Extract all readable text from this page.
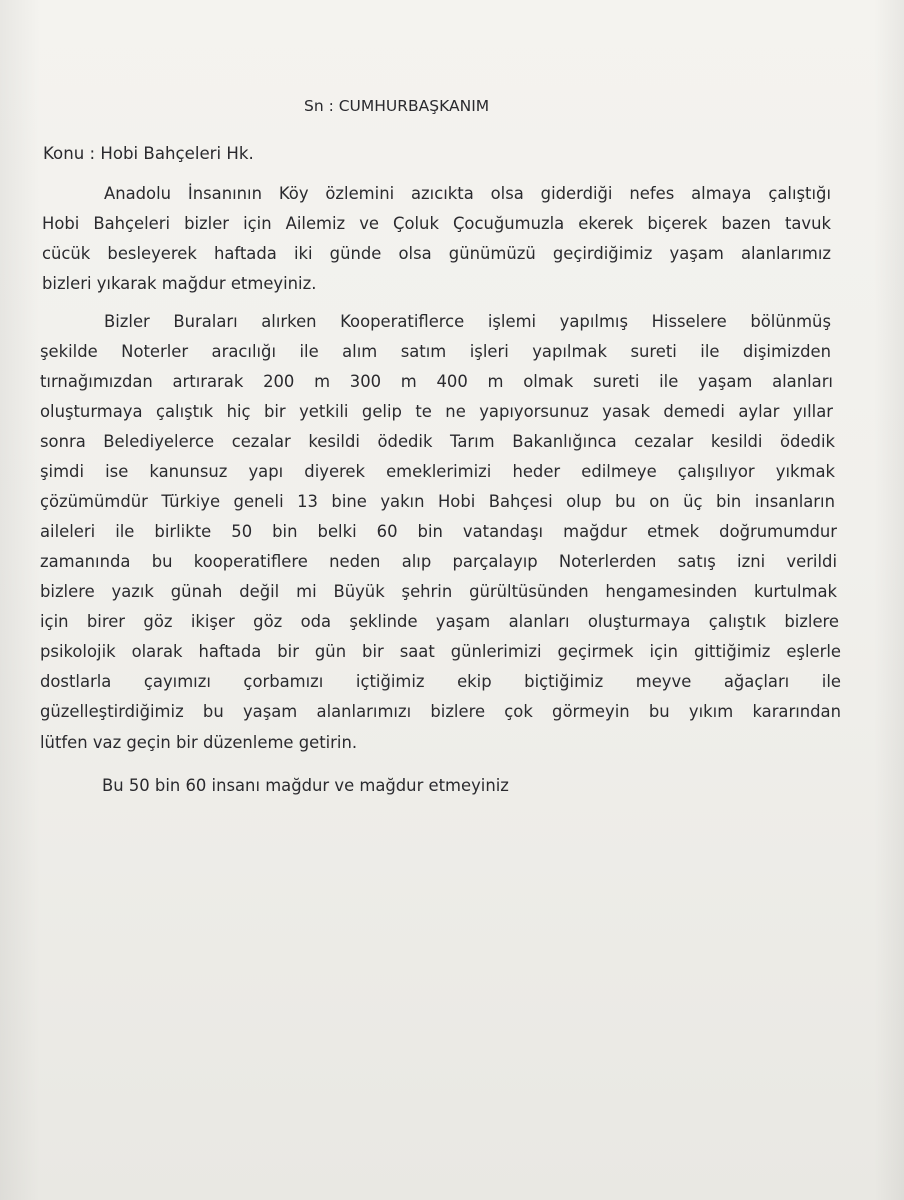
Sn : CUMHURBAŞKANIM

Konu : Hobi Bahçeleri Hk.

Anadolu İnsanının Köy özlemini azıcıkta olsa giderdiği nefes almaya çalıştığı

Hobi Bahçeleri bizler için Ailemiz ve Çoluk Çocuğumuzla ekerek biçerek bazen tavuk

cücük besleyerek haftada iki günde olsa günümüzü geçirdiğimiz yaşam alanlarımız

bizleri yıkarak mağdur etmeyiniz.

Bizler Buraları alırken Kooperatiflerce işlemi yapılmış Hisselere bölünmüş

şekilde Noterler aracılığı ile alım satım işleri yapılmak sureti ile dişimizden

tırnağımızdan artırarak 200 m 300 m 400 m olmak sureti ile yaşam alanları

oluşturmaya çalıştık hiç bir yetkili gelip te ne yapıyorsunuz yasak demedi aylar yıllar

sonra Belediyelerce cezalar kesildi ödedik Tarım Bakanlığınca cezalar kesildi ödedik

şimdi ise kanunsuz yapı diyerek emeklerimizi heder edilmeye çalışılıyor yıkmak

çözümümdür Türkiye geneli 13 bine yakın Hobi Bahçesi olup bu on üç bin insanların

aileleri ile birlikte 50 bin belki 60 bin vatandaşı mağdur etmek doğrumumdur

zamanında bu kooperatiflere neden alıp parçalayıp Noterlerden satış izni verildi

bizlere yazık günah değil mi Büyük şehrin gürültüsünden hengamesinden kurtulmak

için birer göz ikişer göz oda şeklinde yaşam alanları oluşturmaya çalıştık bizlere

psikolojik olarak haftada bir gün bir saat günlerimizi geçirmek için gittiğimiz eşlerle

dostlarla çayımızı çorbamızı içtiğimiz ekip biçtiğimiz meyve ağaçları ile

güzelleştirdiğimiz bu yaşam alanlarımızı bizlere çok görmeyin bu yıkım kararından

lütfen vaz geçin bir düzenleme getirin.

Bu 50 bin 60 insanı mağdur ve mağdur etmeyiniz
